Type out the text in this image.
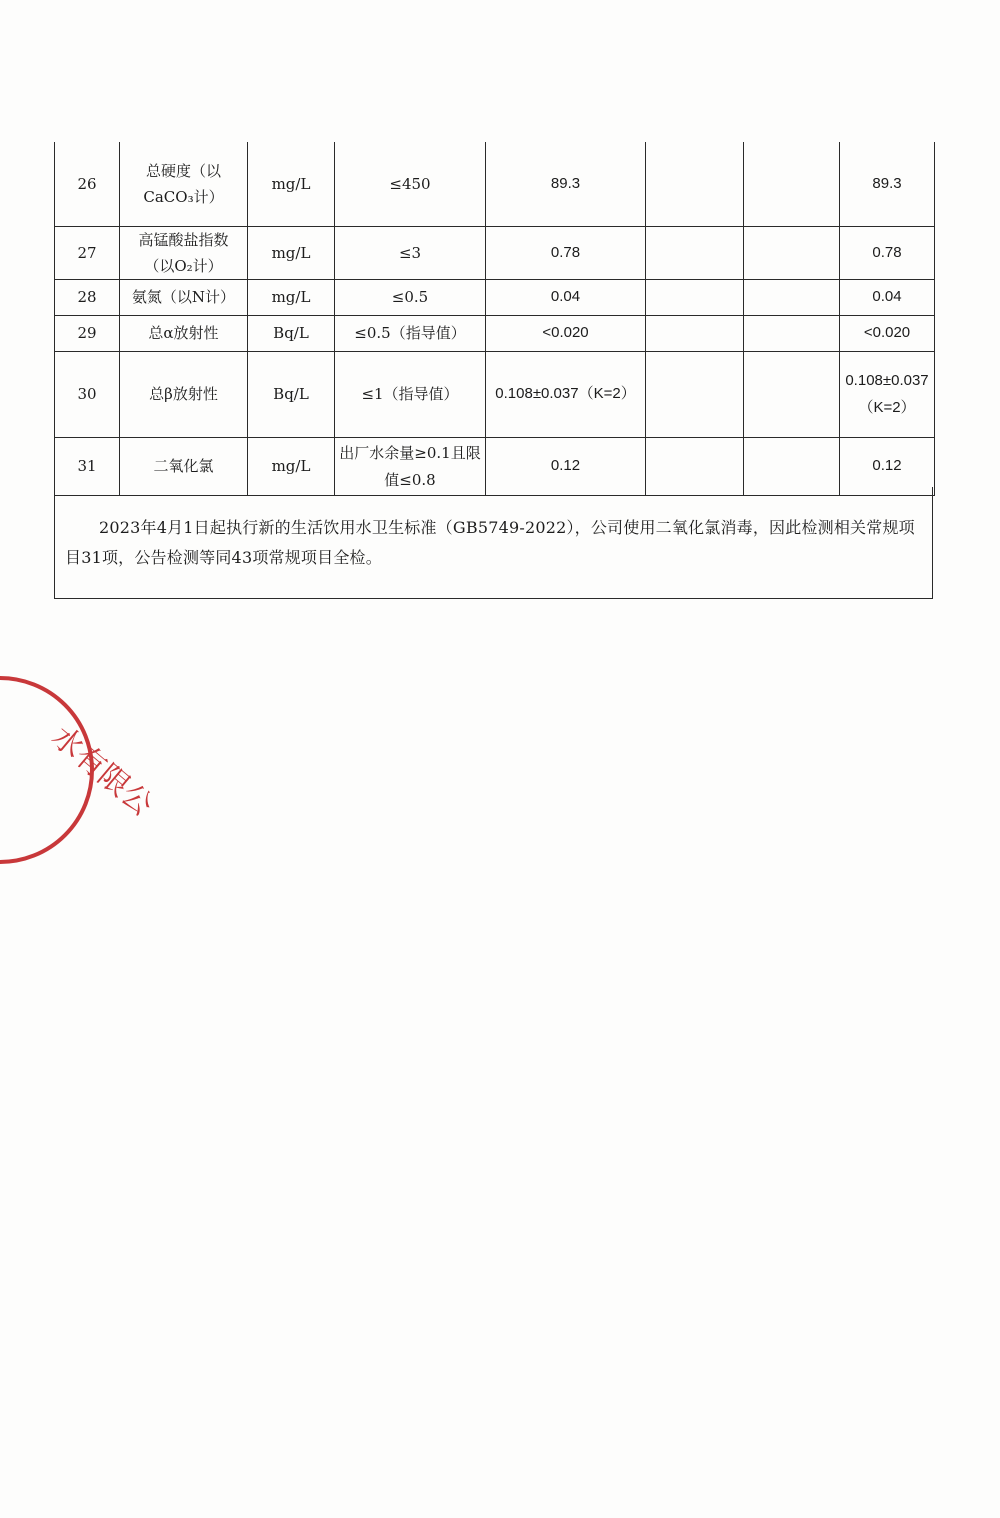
26	总硬度（以CaCO₃计）	mg/L	≤450	89.3			89.3
27	高锰酸盐指数（以O₂计）	mg/L	≤3	0.78			0.78
28	氨氮（以N计）	mg/L	≤0.5	0.04			0.04
29	总α放射性	Bq/L	≤0.5（指导值）	<0.020			<0.020
30	总β放射性	Bq/L	≤1（指导值）	0.108±0.037（K=2）			0.108±0.037（K=2）
31	二氧化氯	mg/L	出厂水余量≥0.1且限值≤0.8	0.12			0.12
2023年4月1日起执行新的生活饮用水卫生标准（GB5749-2022），公司使用二氧化氯消毒，因此检测相关常规项目31项，公告检测等同43项常规项目全检。
水有限公
